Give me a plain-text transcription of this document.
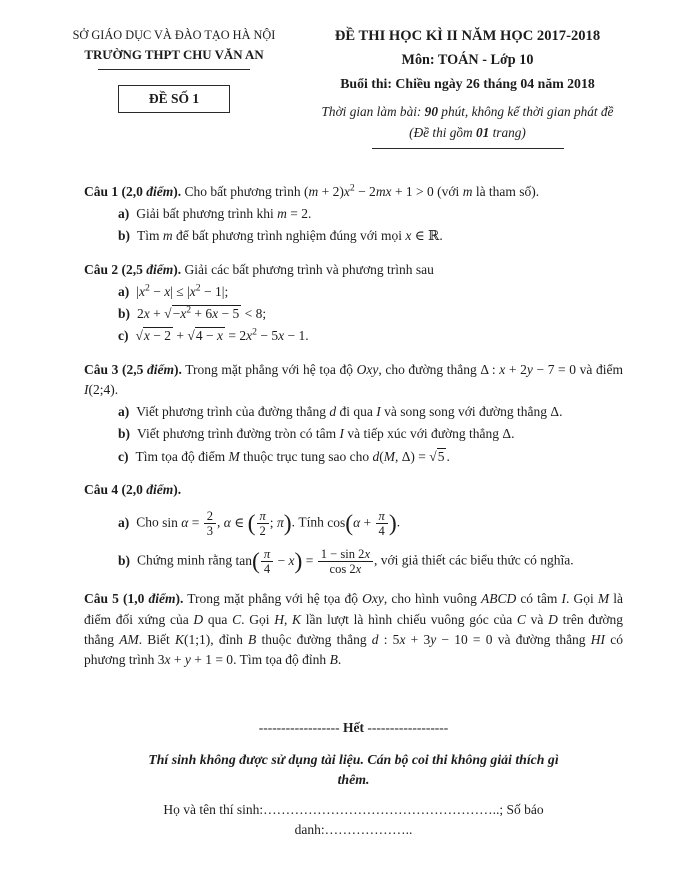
SỞ GIÁO DỤC VÀ ĐÀO TẠO HÀ NỘI
TRƯỜNG THPT CHU VĂN AN
ĐỀ SỐ 1
ĐỀ THI HỌC KÌ II NĂM HỌC 2017-2018
Môn: TOÁN - Lớp 10
Buổi thi: Chiều ngày 26 tháng 04 năm 2018
Thời gian làm bài: 90 phút, không kể thời gian phát đề
(Đề thi gồm 01 trang)

Câu 1 (2,0 điểm). Cho bất phương trình $(m + 2)x^2 - 2mx + 1 > 0$ (với m là tham số).

a) Giải bất phương trình khi m = 2.
b) Tìm m để bất phương trình nghiệm đúng với mọi x ∈ ℝ.

Câu 2 (2,5 điểm). Giải các bất phương trình và phương trình sau

a) $|x^2 - x| \le |x^2 - 1|$;
b) $2x + √-x^2 + 6x - 5 < 8$;
c) $√x - 2 + √4 - x = 2x^2 - 5x - 1$.

Câu 3 (2,5 điểm). Trong mặt phẳng với hệ tọa độ Oxy, cho đường thẳng Δ : x + 2y − 7 = 0 và điểm I(2;4).

a) Viết phương trình của đường thẳng d đi qua I và song song với đường thẳng Δ.
b) Viết phương trình đường tròn có tâm I và tiếp xúc với đường thẳng Δ.
c) Tìm tọa độ điểm M thuộc trục tung sao cho d(M, Δ) = √5 .

Câu 4 (2,0 điểm).

a) Cho $\sin \alpha = \frac{2}{3}$ , α ∈ ( $\frac{\pi}{2}$ ; π). Tính $\cos(\alpha + \frac{\pi}{4}$ ).
b) Chứng minh rằng $\tan( \frac{\pi}{4} - x) = \frac{1 - \sin 2x}{\cos 2x}$ , với giả thiết các biểu thức có nghĩa.

Câu 5 (1,0 điểm). Trong mặt phẳng với hệ tọa độ Oxy, cho hình vuông ABCD có tâm I. Gọi M là điểm đối xứng của D qua C. Gọi H, K lần lượt là hình chiếu vuông góc của C và D trên đường thẳng AM. Biết K(1;1), đỉnh B thuộc đường thẳng d : 5x + 3y − 10 = 0 và đường thẳng HI có phương trình 3x + y + 1 = 0. Tìm tọa độ đỉnh B.

------------------ Hết ------------------
Thí sinh không được sử dụng tài liệu. Cán bộ coi thi không giải thích gì thêm.
Họ và tên thí sinh:……………………………………………..; Số báo danh:………………..
